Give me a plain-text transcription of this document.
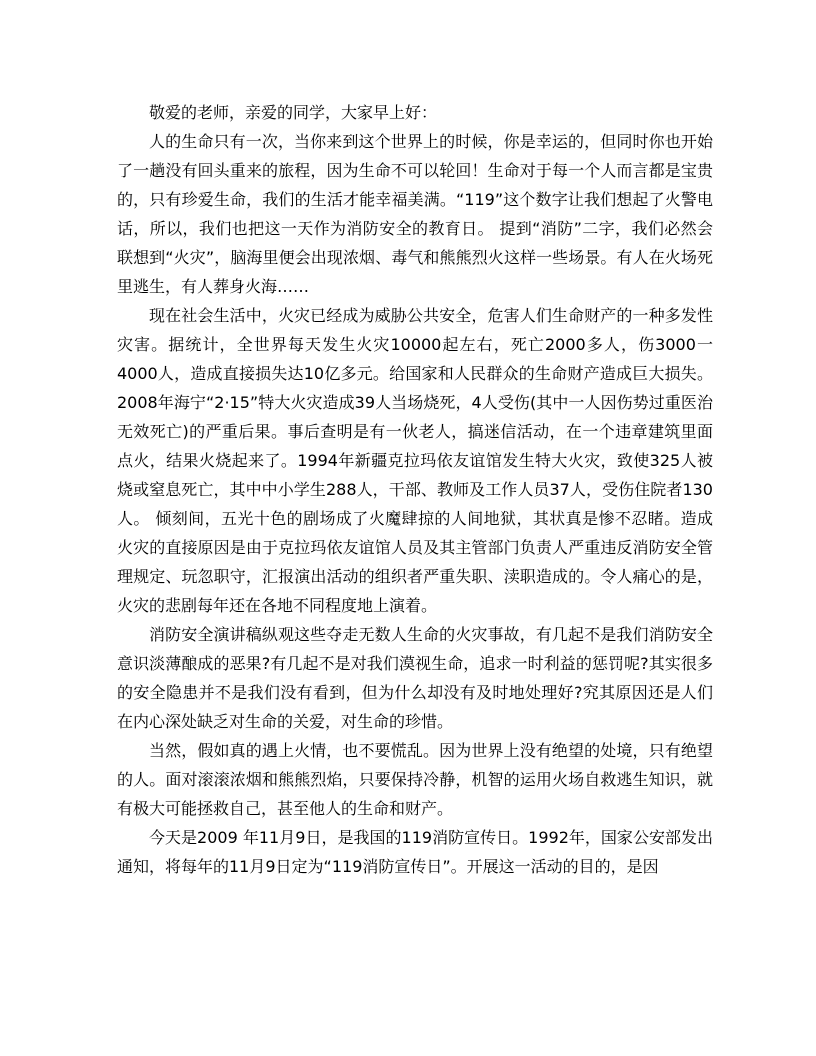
敬爱的老师，亲爱的同学，大家早上好：

人的生命只有一次，当你来到这个世界上的时候，你是幸运的，但同时你也开始了一趟没有回头重来的旅程，因为生命不可以轮回！生命对于每一个人而言都是宝贵的，只有珍爱生命，我们的生活才能幸福美满。“119”这个数字让我们想起了火警电话，所以，我们也把这一天作为消防安全的教育日。 提到“消防”二字，我们必然会联想到“火灾”，脑海里便会出现浓烟、毒气和熊熊烈火这样一些场景。有人在火场死里逃生，有人葬身火海……

现在社会生活中，火灾已经成为威胁公共安全，危害人们生命财产的一种多发性灾害。据统计，全世界每天发生火灾10000起左右，死亡2000多人，伤3000一4000人，造成直接损失达10亿多元。给国家和人民群众的生命财产造成巨大损失。2008年海宁“2·15”特大火灾造成39人当场烧死，4人受伤(其中一人因伤势过重医治无效死亡)的严重后果。事后查明是有一伙老人，搞迷信活动，在一个违章建筑里面点火，结果火烧起来了。1994年新疆克拉玛依友谊馆发生特大火灾，致使325人被烧或窒息死亡，其中中小学生288人，干部、教师及工作人员37人，受伤住院者130人。 倾刻间，五光十色的剧场成了火魔肆掠的人间地狱，其状真是惨不忍睹。造成火灾的直接原因是由于克拉玛依友谊馆人员及其主管部门负责人严重违反消防安全管理规定、玩忽职守，汇报演出活动的组织者严重失职、渎职造成的。令人痛心的是，火灾的悲剧每年还在各地不同程度地上演着。

消防安全演讲稿纵观这些夺走无数人生命的火灾事故，有几起不是我们消防安全意识淡薄酿成的恶果?有几起不是对我们漠视生命，追求一时利益的惩罚呢?其实很多的安全隐患并不是我们没有看到，但为什么却没有及时地处理好?究其原因还是人们在内心深处缺乏对生命的关爱，对生命的珍惜。

当然，假如真的遇上火情，也不要慌乱。因为世界上没有绝望的处境，只有绝望的人。面对滚滚浓烟和熊熊烈焰，只要保持冷静，机智的运用火场自救逃生知识，就有极大可能拯救自己，甚至他人的生命和财产。

今天是2009 年11月9日，是我国的119消防宣传日。1992年，国家公安部发出通知，将每年的11月9日定为“119消防宣传日”。开展这一活动的目的，是因
